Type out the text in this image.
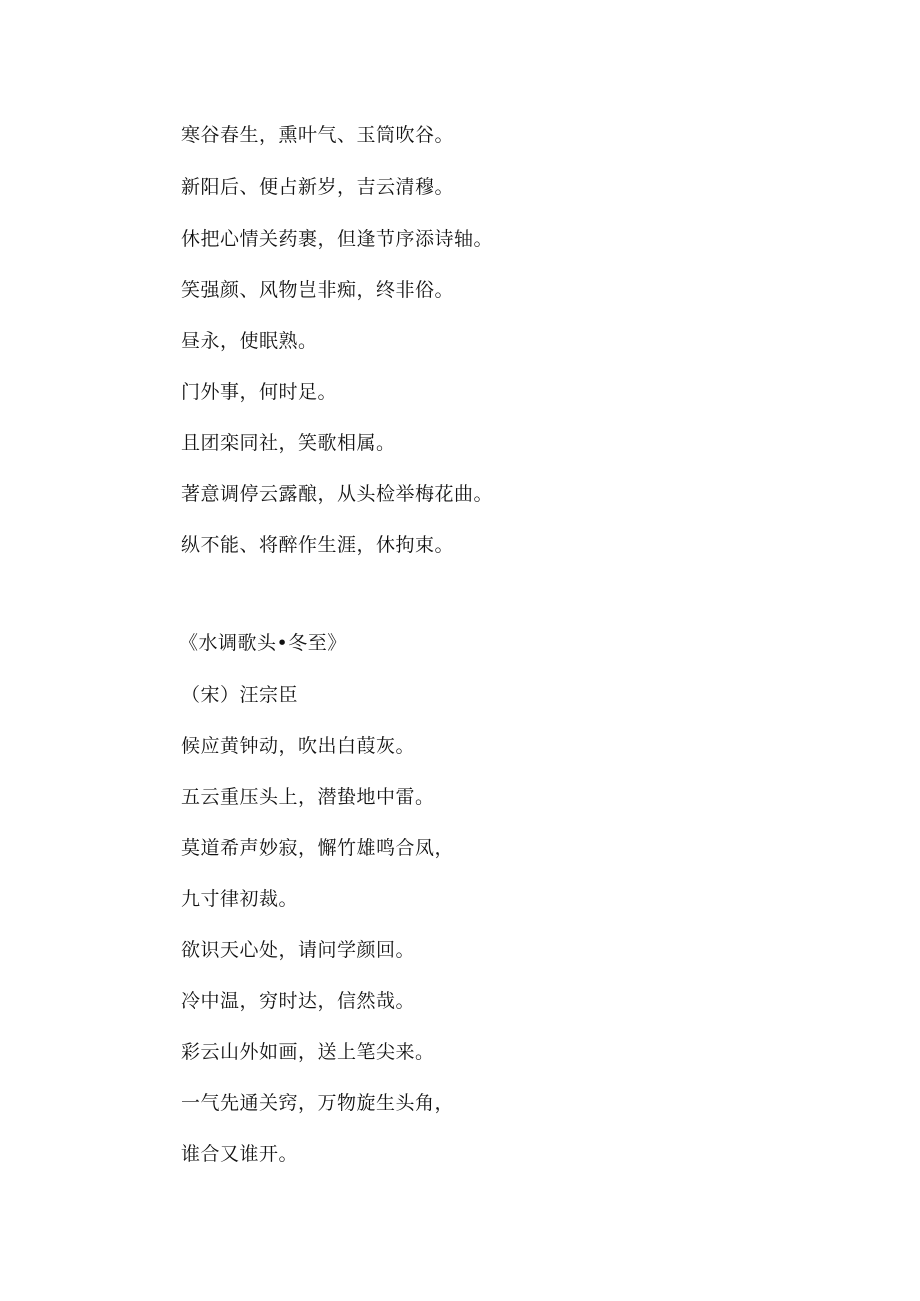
寒谷春生，熏叶气、玉筒吹谷。
新阳后、便占新岁，吉云清穆。
休把心情关药裹，但逢节序添诗轴。
笑强颜、风物岂非痴，终非俗。
昼永，使眠熟。
门外事，何时足。
且团栾同社，笑歌相属。
著意调停云露酿，从头检举梅花曲。
纵不能、将醉作生涯，休拘束。
《水调歌头•冬至》
（宋）汪宗臣
候应黄钟动，吹出白葭灰。
五云重压头上，潜蛰地中雷。
莫道希声妙寂，懈竹雄鸣合凤，
九寸律初裁。
欲识天心处，请问学颜回。
冷中温，穷时达，信然哉。
彩云山外如画，送上笔尖来。
一气先通关窍，万物旋生头角，
谁合又谁开。
